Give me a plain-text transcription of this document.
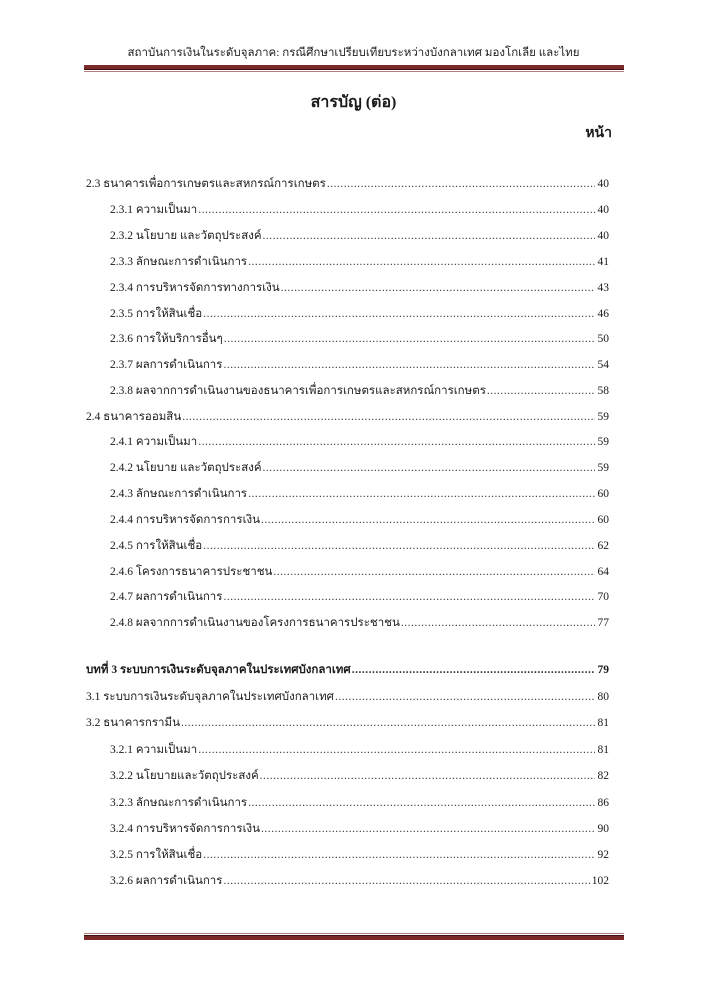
สถาบันการเงินในระดับจุลภาค: กรณีศึกษาเปรียบเทียบระหว่างบังกลาเทศ มองโกเลีย และไทย
สารบัญ (ต่อ)
หน้า
2.3 ธนาคารเพื่อการเกษตรและสหกรณ์การเกษตร .....	40
2.3.1 ความเป็นมา .....	40
2.3.2 นโยบาย และวัตถุประสงค์ .....	40
2.3.3 ลักษณะการดำเนินการ .....	41
2.3.4 การบริหารจัดการทางการเงิน .....	43
2.3.5 การให้สินเชื่อ .....	46
2.3.6 การให้บริการอื่นๆ .....	50
2.3.7 ผลการดำเนินการ .....	54
2.3.8 ผลจากการดำเนินงานของธนาคารเพื่อการเกษตรและสหกรณ์การเกษตร .....	58
2.4 ธนาคารออมสิน .....	59
2.4.1 ความเป็นมา .....	59
2.4.2 นโยบาย และวัตถุประสงค์ .....	59
2.4.3 ลักษณะการดำเนินการ .....	60
2.4.4 การบริหารจัดการการเงิน .....	60
2.4.5 การให้สินเชื่อ .....	62
2.4.6 โครงการธนาคารประชาชน .....	64
2.4.7 ผลการดำเนินการ .....	70
2.4.8 ผลจากการดำเนินงานของโครงการธนาคารประชาชน .....	77
บทที่ 3 ระบบการเงินระดับจุลภาคในประเทศบังกลาเทศ .....	79
3.1 ระบบการเงินระดับจุลภาคในประเทศบังกลาเทศ .....	80
3.2 ธนาคารกรามีน .....	81
3.2.1 ความเป็นมา .....	81
3.2.2 นโยบายและวัตถุประสงค์ .....	82
3.2.3 ลักษณะการดำเนินการ .....	86
3.2.4 การบริหารจัดการการเงิน .....	90
3.2.5 การให้สินเชื่อ .....	92
3.2.6 ผลการดำเนินการ .....	102
